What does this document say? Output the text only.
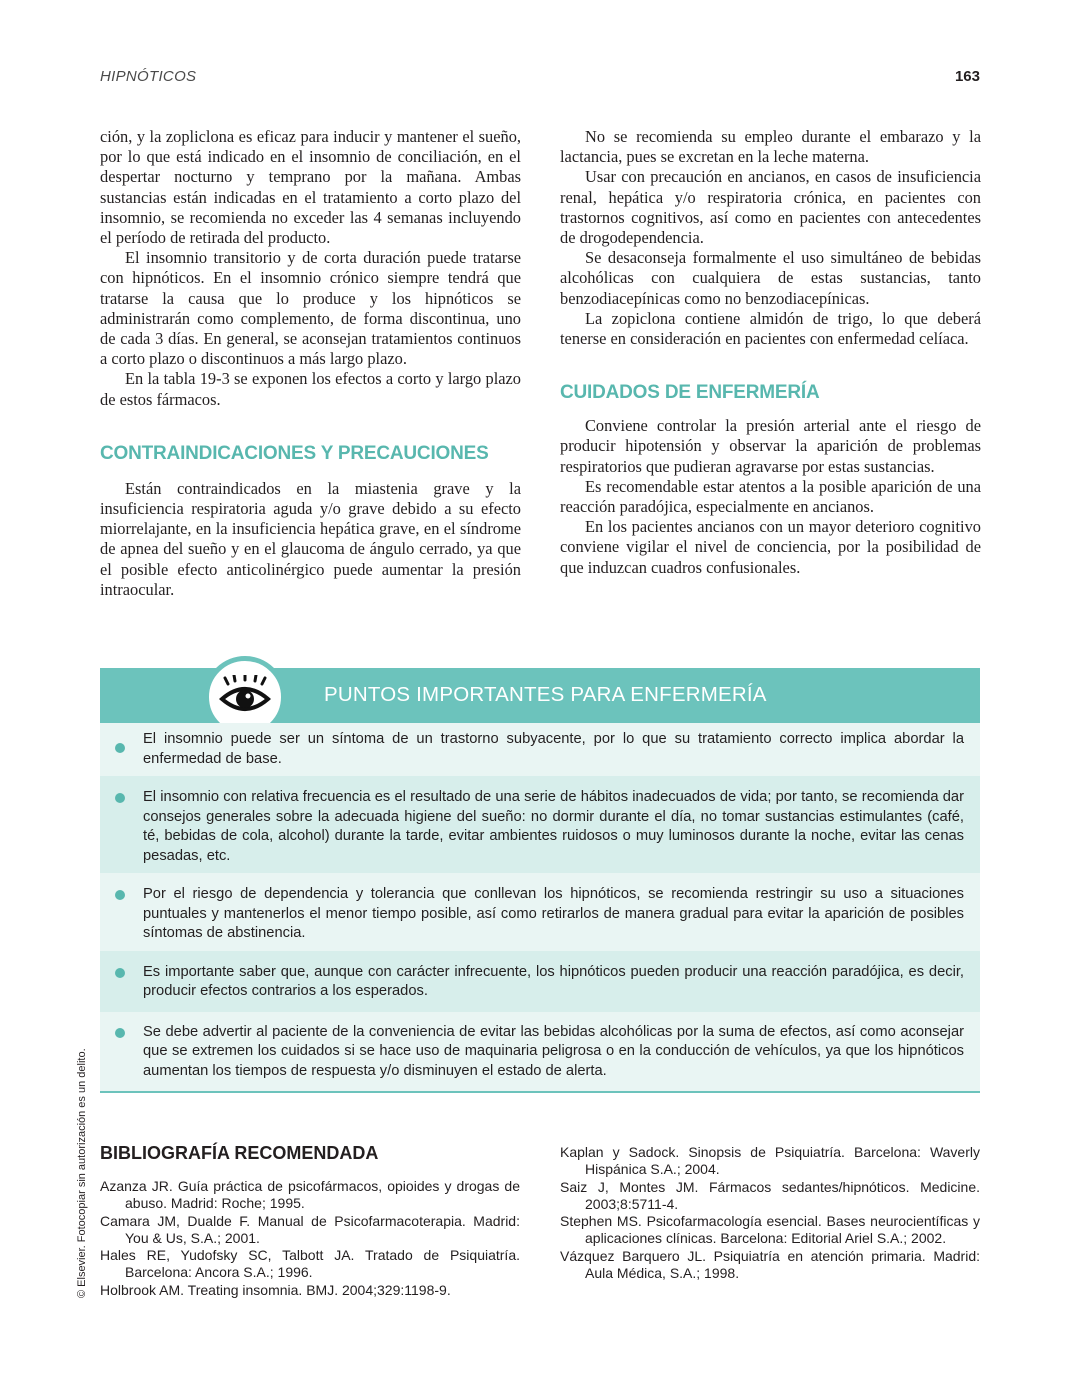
HIPNÓTICOS	163

ción, y la zopliclona es eficaz para inducir y mantener el sueño, por lo que está indicado en el insomnio de conciliación, en el despertar nocturno y temprano por la mañana. Ambas sustancias están indicadas en el tratamiento a corto plazo del insomnio, se recomienda no exceder las 4 semanas incluyendo el período de retirada del producto.

El insomnio transitorio y de corta duración puede tratarse con hipnóticos. En el insomnio crónico siempre tendrá que tratarse la causa que lo produce y los hipnóticos se administrarán como complemento, de forma discontinua, uno de cada 3 días. En general, se aconsejan tratamientos continuos a corto plazo o discontinuos a más largo plazo.

En la tabla 19-3 se exponen los efectos a corto y largo plazo de estos fármacos.

CONTRAINDICACIONES Y PRECAUCIONES

Están contraindicados en la miastenia grave y la insuficiencia respiratoria aguda y/o grave debido a su efecto miorrelajante, en la insuficiencia hepática grave, en el síndrome de apnea del sueño y en el glaucoma de ángulo cerrado, ya que el posible efecto anticolinérgico puede aumentar la presión intraocular.

No se recomienda su empleo durante el embarazo y la lactancia, pues se excretan en la leche materna.

Usar con precaución en ancianos, en casos de insuficiencia renal, hepática y/o respiratoria crónica, en pacientes con trastornos cognitivos, así como en pacientes con antecedentes de drogodependencia.

Se desaconseja formalmente el uso simultáneo de bebidas alcohólicas con cualquiera de estas sustancias, tanto benzodiacepínicas como no benzodiacepínicas.

La zopiclona contiene almidón de trigo, lo que deberá tenerse en consideración en pacientes con enfermedad celíaca.

CUIDADOS DE ENFERMERÍA

Conviene controlar la presión arterial ante el riesgo de producir hipotensión y observar la aparición de problemas respiratorios que pudieran agravarse por estas sustancias.

Es recomendable estar atentos a la posible aparición de una reacción paradójica, especialmente en ancianos.

En los pacientes ancianos con un mayor deterioro cognitivo conviene vigilar el nivel de conciencia, por la posibilidad de que induzcan cuadros confusionales.

PUNTOS IMPORTANTES PARA ENFERMERÍA
El insomnio puede ser un síntoma de un trastorno subyacente, por lo que su tratamiento correcto implica abordar la enfermedad de base.
El insomnio con relativa frecuencia es el resultado de una serie de hábitos inadecuados de vida; por tanto, se recomienda dar consejos generales sobre la adecuada higiene del sueño: no dormir durante el día, no tomar sustancias estimulantes (café, té, bebidas de cola, alcohol) durante la tarde, evitar ambientes ruidosos o muy luminosos durante la noche, evitar las cenas pesadas, etc.
Por el riesgo de dependencia y tolerancia que conllevan los hipnóticos, se recomienda restringir su uso a situaciones puntuales y mantenerlos el menor tiempo posible, así como retirarlos de manera gradual para evitar la aparición de posibles síntomas de abstinencia.
Es importante saber que, aunque con carácter infrecuente, los hipnóticos pueden producir una reacción paradójica, es decir, producir efectos contrarios a los esperados.
Se debe advertir al paciente de la conveniencia de evitar las bebidas alcohólicas por la suma de efectos, así como aconsejar que se extremen los cuidados si se hace uso de maquinaria peligrosa o en la conducción de vehículos, ya que los hipnóticos aumentan los tiempos de respuesta y/o disminuyen el estado de alerta.
© Elsevier. Fotocopiar sin autorización es un delito. BIBLIOGRAFÍA RECOMENDADA
Azanza JR. Guía práctica de psicofármacos, opioides y drogas de abuso. Madrid: Roche; 1995.
Camara JM, Dualde F. Manual de Psicofarmacoterapia. Madrid: You & Us, S.A.; 2001.
Hales RE, Yudofsky SC, Talbott JA. Tratado de Psiquiatría. Barcelona: Ancora S.A.; 1996.
Holbrook AM. Treating insomnia. BMJ. 2004;329:1198-9.
Kaplan y Sadock. Sinopsis de Psiquiatría. Barcelona: Waverly Hispánica S.A.; 2004.
Saiz J, Montes JM. Fármacos sedantes/hipnóticos. Medicine. 2003;8:5711-4.
Stephen MS. Psicofarmacología esencial. Bases neurocientíficas y aplicaciones clínicas. Barcelona: Editorial Ariel S.A.; 2002.
Vázquez Barquero JL. Psiquiatría en atención primaria. Madrid: Aula Médica, S.A.; 1998.
